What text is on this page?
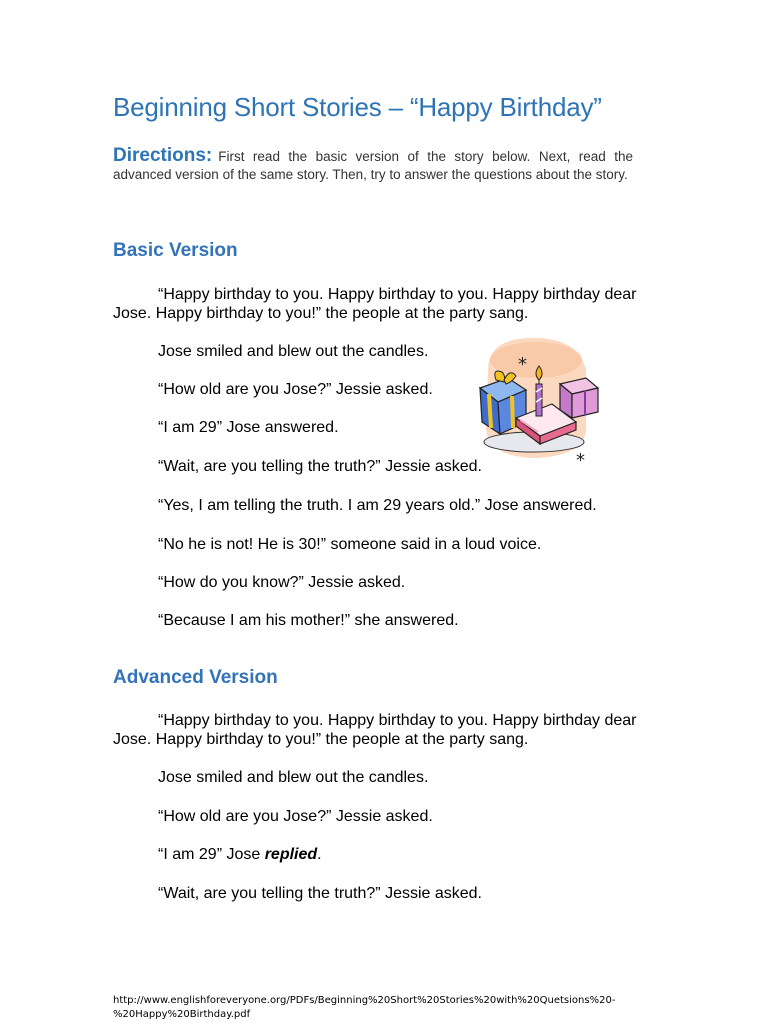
Beginning Short Stories – “Happy Birthday”

Directions: First read the basic version of the story below. Next, read the advanced version of the same story. Then, try to answer the questions about the story.

Basic Version

“Happy birthday to you. Happy birthday to you. Happy birthday dear Jose. Happy birthday to you!” the people at the party sang.

Jose smiled and blew out the candles.

“How old are you Jose?” Jessie asked.

“I am 29” Jose answered.

“Wait, are you telling the truth?” Jessie asked.

“Yes, I am telling the truth. I am 29 years old.” Jose answered.

“No he is not! He is 30!” someone said in a loud voice.

“How do you know?” Jessie asked.

“Because I am his mother!” she answered.

*
*
Advanced Version

“Happy birthday to you. Happy birthday to you. Happy birthday dear Jose. Happy birthday to you!” the people at the party sang.

Jose smiled and blew out the candles.

“How old are you Jose?” Jessie asked.

“I am 29” Jose replied.

“Wait, are you telling the truth?” Jessie asked.

http://www.englishforeveryone.org/PDFs/Beginning%20Short%20Stories%20with%20Quetsions%20-
%20Happy%20Birthday.pdf
